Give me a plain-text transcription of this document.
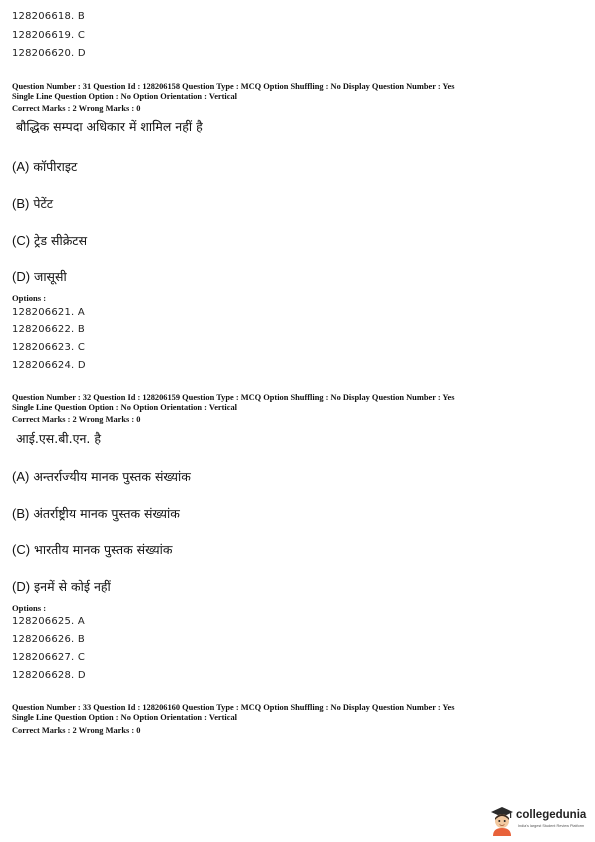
128206618. B
128206619. C
128206620. D
Question Number : 31 Question Id : 128206158 Question Type : MCQ Option Shuffling : No Display Question Number : Yes
Single Line Question Option : No Option Orientation : Vertical
Correct Marks : 2 Wrong Marks : 0
बौद्धिक सम्पदा अधिकार में शामिल नहीं है
(A) कॉपीराइट
(B) पेटेंट
(C) ट्रेड सीक्रेटस
(D) जासूसी
Options :
128206621. A
128206622. B
128206623. C
128206624. D
Question Number : 32 Question Id : 128206159 Question Type : MCQ Option Shuffling : No Display Question Number : Yes
Single Line Question Option : No Option Orientation : Vertical
Correct Marks : 2 Wrong Marks : 0
आई.एस.बी.एन. है
(A) अन्तर्राज्यीय मानक पुस्तक संख्यांक
(B) अंतर्राष्ट्रीय मानक पुस्तक संख्यांक
(C) भारतीय मानक पुस्तक संख्यांक
(D) इनमें से कोई नहीं
Options :
128206625. A
128206626. B
128206627. C
128206628. D
Question Number : 33 Question Id : 128206160 Question Type : MCQ Option Shuffling : No Display Question Number : Yes
Single Line Question Option : No Option Orientation : Vertical
Correct Marks : 2 Wrong Marks : 0
collegedunia
India's largest Student Review Platform
